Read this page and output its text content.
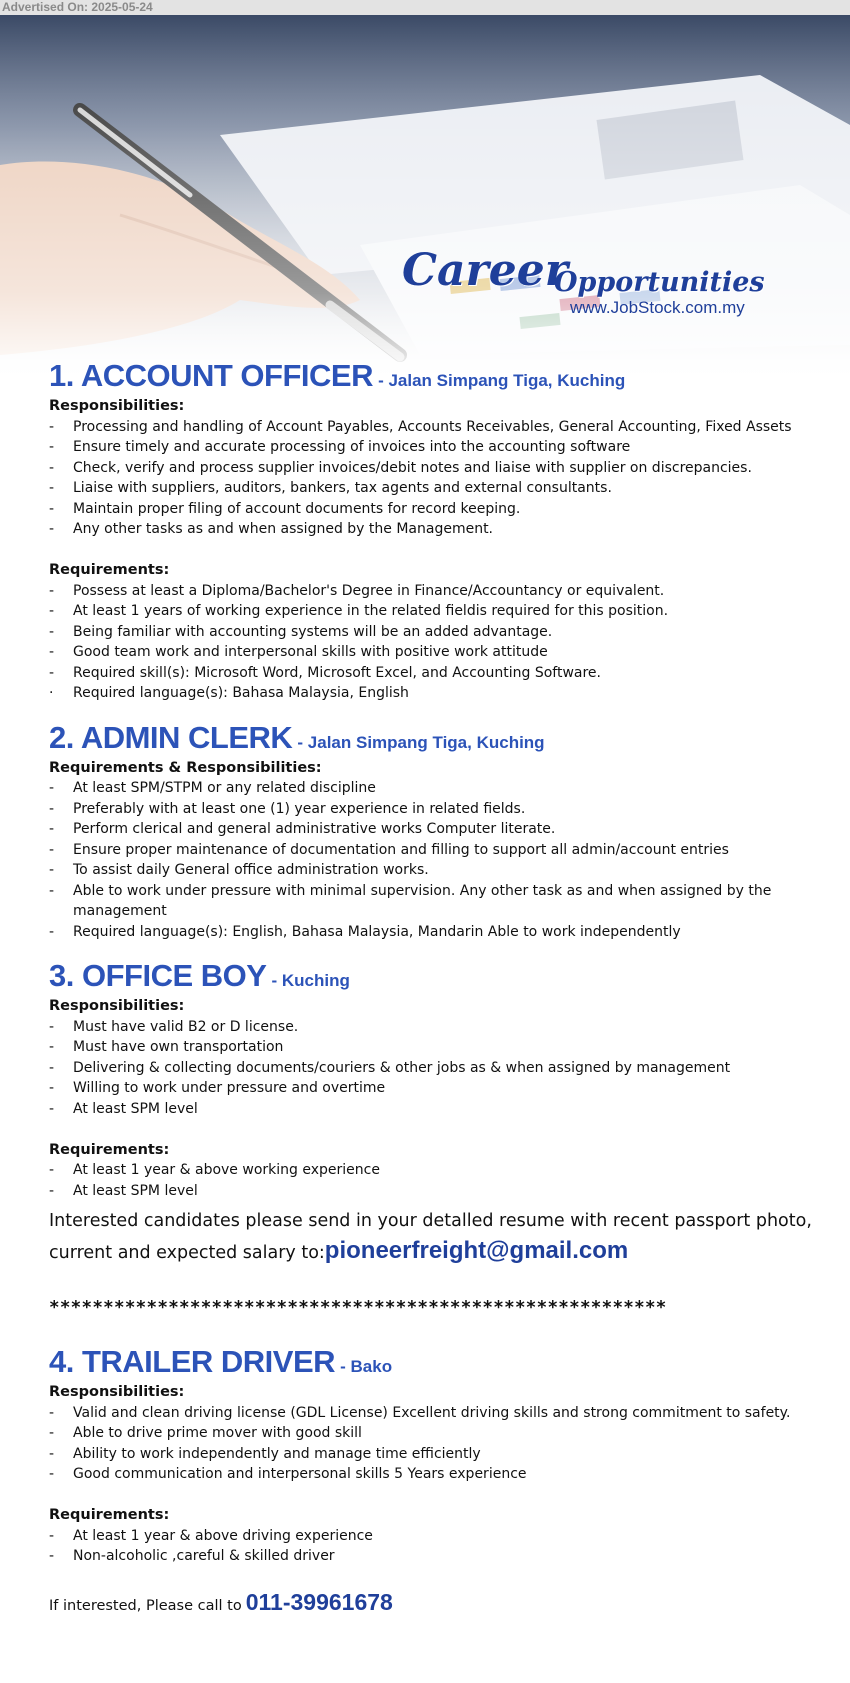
Advertised On: 2025-05-24
Career
Opportunities
www.JobStock.com.my
1. ACCOUNT OFFICER - Jalan Simpang Tiga, Kuching
Responsibilities:
- Processing and handling of Account Payables, Accounts Receivables, General Accounting, Fixed Assets
- Ensure timely and accurate processing of invoices into the accounting software
- Check, verify and process supplier invoices/debit notes and liaise with supplier on discrepancies.
- Liaise with suppliers, auditors, bankers, tax agents and external consultants.
- Maintain proper filing of account documents for record keeping.
- Any other tasks as and when assigned by the Management.
Requirements:
- Possess at least a Diploma/Bachelor's Degree in Finance/Accountancy or equivalent.
- At least 1 years of working experience in the related fieldis required for this position.
- Being familiar with accounting systems will be an added advantage.
- Good team work and interpersonal skills with positive work attitude
- Required skill(s): Microsoft Word, Microsoft Excel, and Accounting Software.
· Required language(s): Bahasa Malaysia, English
2. ADMIN CLERK - Jalan Simpang Tiga, Kuching
Requirements & Responsibilities:
- At least SPM/STPM or any related discipline
- Preferably with at least one (1) year experience in related fields.
- Perform clerical and general administrative works Computer literate.
- Ensure proper maintenance of documentation and filling to support all admin/account entries
- To assist daily General office administration works.
- Able to work under pressure with minimal supervision. Any other task as and when assigned by the management
- Required language(s): English, Bahasa Malaysia, Mandarin Able to work independently
3. OFFICE BOY - Kuching
Responsibilities:
- Must have valid B2 or D license.
- Must have own transportation
- Delivering & collecting documents/couriers & other jobs as & when assigned by management
- Willing to work under pressure and overtime
- At least SPM level
Requirements:
- At least 1 year & above working experience
- At least SPM level

Interested candidates please send in your detalled resume with recent passport photo, current and expected salary to:pioneerfreight@gmail.com

*********************************************************
4. TRAILER DRIVER - Bako
Responsibilities:
- Valid and clean driving license (GDL License) Excellent driving skills and strong commitment to safety.
- Able to drive prime mover with good skill
- Ability to work independently and manage time efficiently
- Good communication and interpersonal skills 5 Years experience
Requirements:
- At least 1 year & above driving experience
- Non-alcoholic ,careful & skilled driver
If interested, Please call to 011-39961678
